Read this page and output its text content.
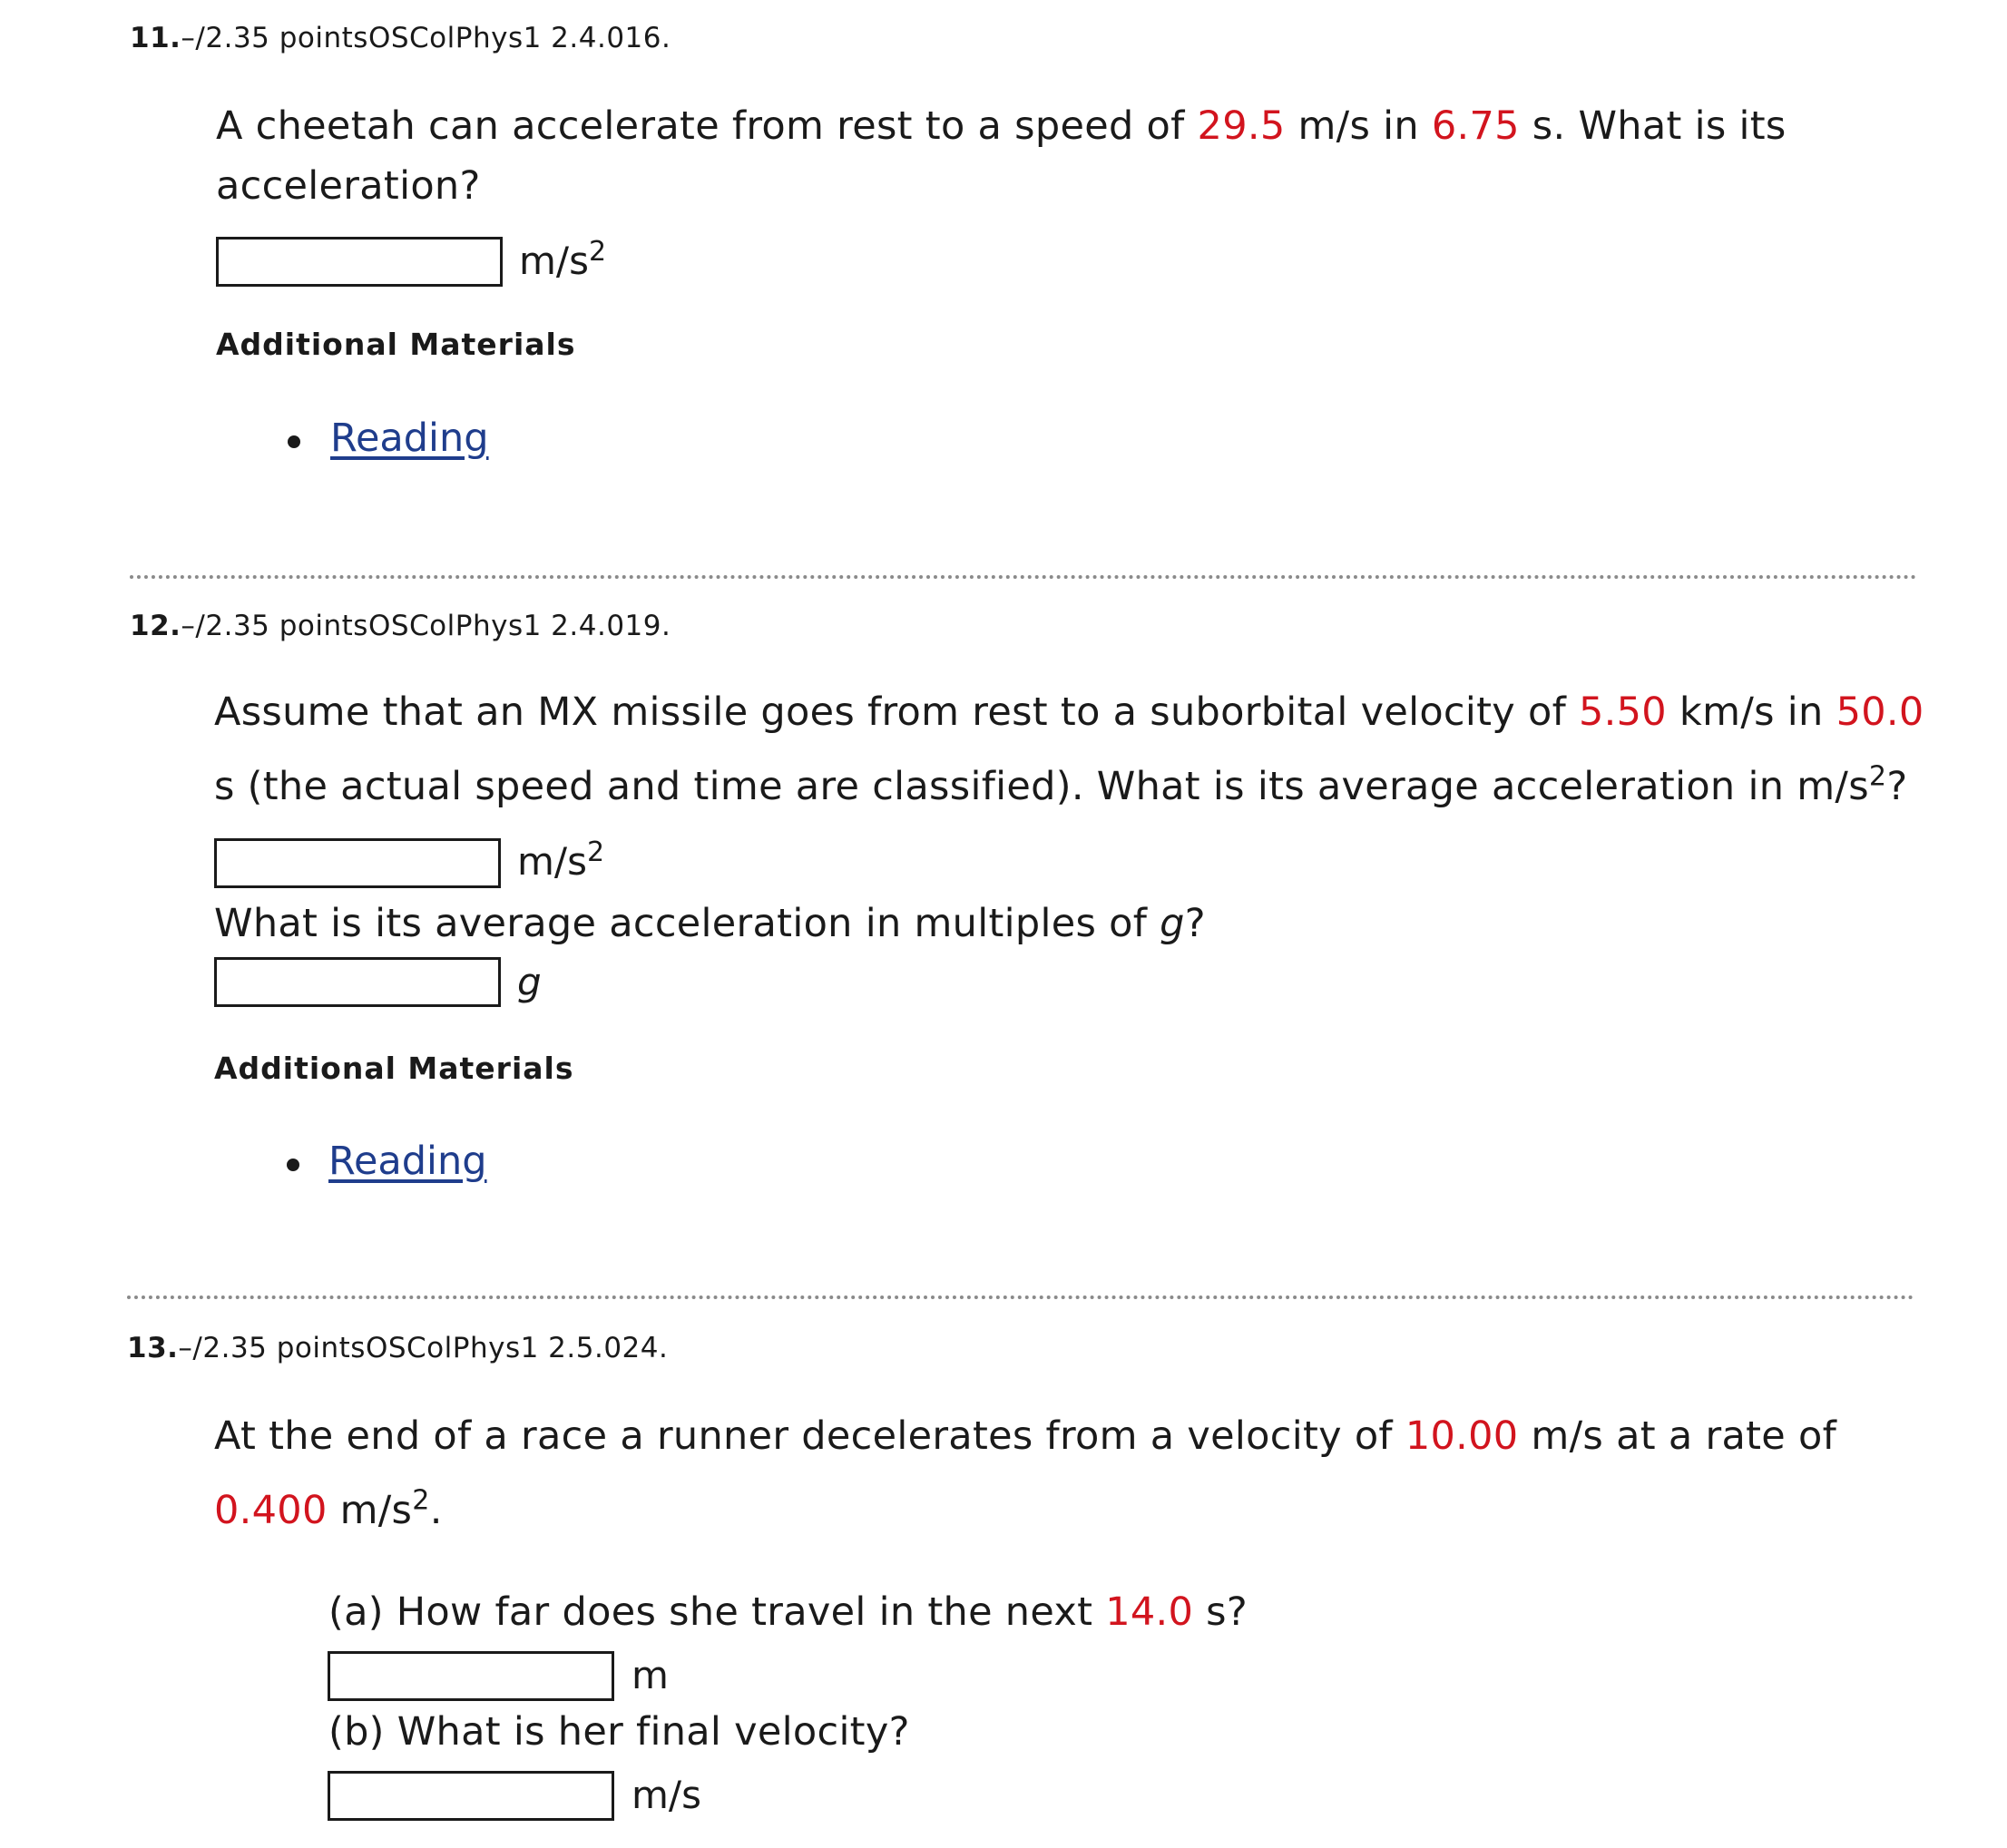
11.–/2.35 pointsOSColPhys1 2.4.016.
A cheetah can accelerate from rest to a speed of 29.5 m/s in 6.75 s. What is its
acceleration?
$m/s^2$
Additional Materials
Reading
12.–/2.35 pointsOSColPhys1 2.4.019.
Assume that an MX missile goes from rest to a suborbital velocity of 5.50 km/s in 50.0
s (the actual speed and time are classified). What is its average acceleration in $m/s^2$?
$m/s^2$
What is its average acceleration in multiples of g?
g
Additional Materials
Reading
13.–/2.35 pointsOSColPhys1 2.5.024.
At the end of a race a runner decelerates from a velocity of 10.00 m/s at a rate of
0.400 $m/s^2$.
(a) How far does she travel in the next 14.0 s?
m
(b) What is her final velocity?
m/s
